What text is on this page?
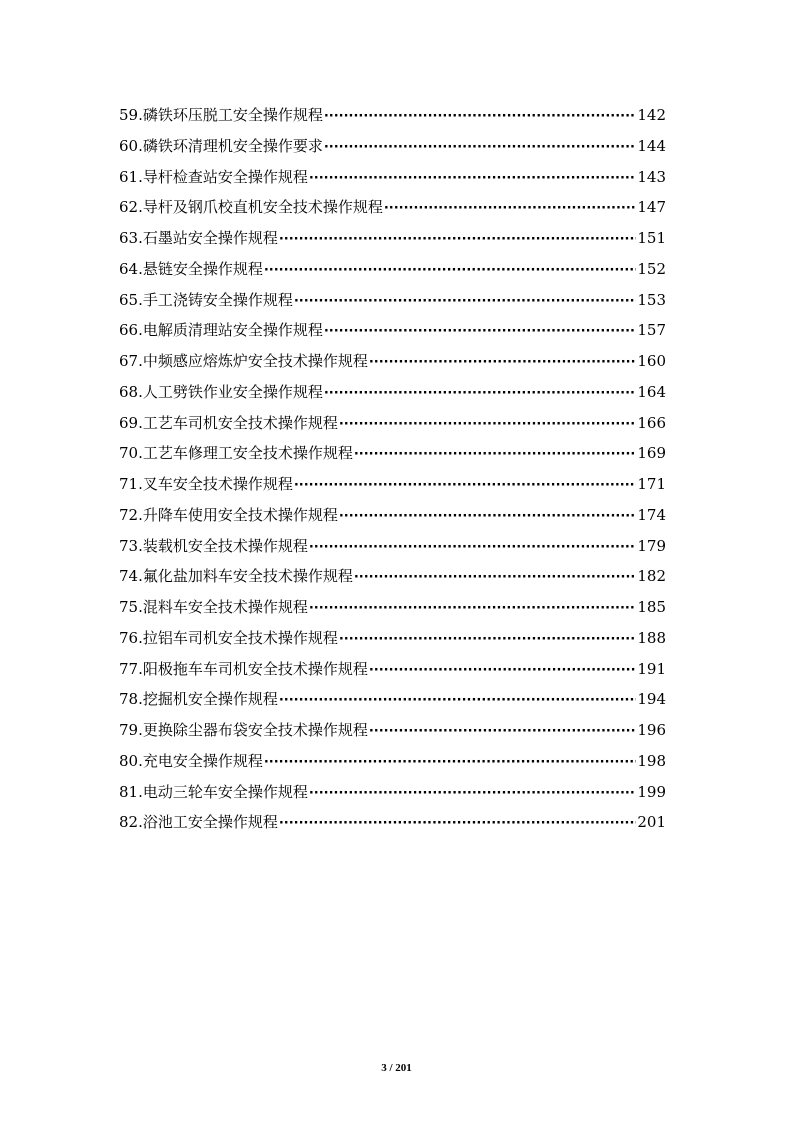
59.磷铁环压脱工安全操作规程 ·····	142
60.磷铁环清理机安全操作要求 ·····	144
61.导杆检查站安全操作规程 ·····	143
62.导杆及钢爪校直机安全技术操作规程 ·····	147
63.石墨站安全操作规程 ·····	151
64.悬链安全操作规程 ·····	152
65.手工浇铸安全操作规程 ·····	153
66.电解质清理站安全操作规程 ·····	157
67.中频感应熔炼炉安全技术操作规程 ·····	160
68.人工劈铁作业安全操作规程 ·····	164
69.工艺车司机安全技术操作规程 ·····	166
70.工艺车修理工安全技术操作规程 ·····	169
71.叉车安全技术操作规程 ·····	171
72.升降车使用安全技术操作规程 ·····	174
73.装载机安全技术操作规程 ·····	179
74.氟化盐加料车安全技术操作规程 ·····	182
75.混料车安全技术操作规程 ·····	185
76.拉铝车司机安全技术操作规程 ·····	188
77.阳极拖车车司机安全技术操作规程 ·····	191
78.挖掘机安全操作规程 ·····	194
79.更换除尘器布袋安全技术操作规程 ·····	196
80.充电安全操作规程 ·····	198
81.电动三轮车安全操作规程 ·····	199
82.浴池工安全操作规程 ·····	201
3 / 201
